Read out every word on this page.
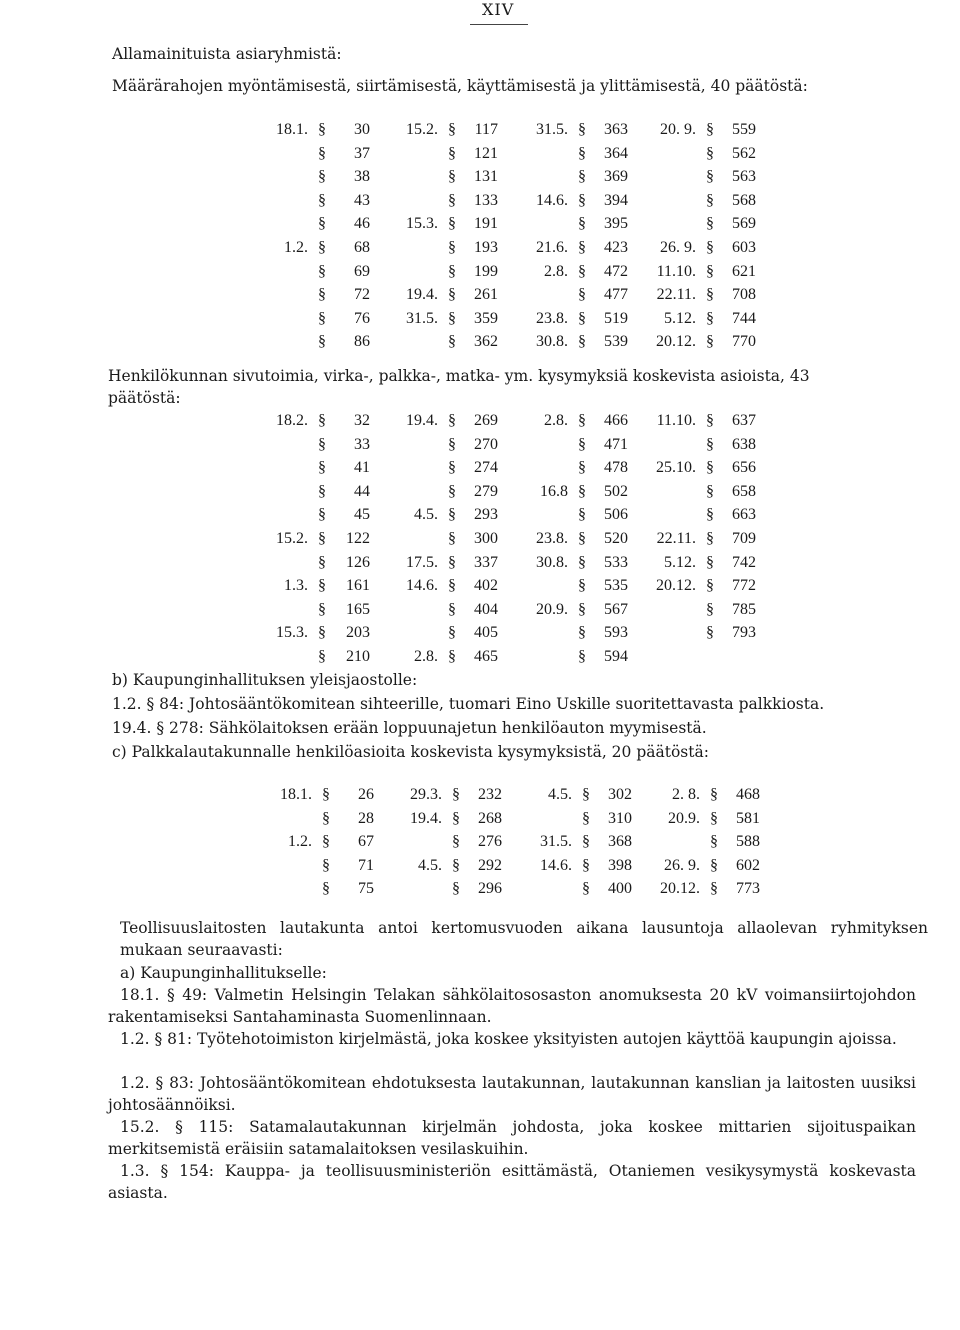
XIV
Allamainituista asiaryhmistä:
Määrärahojen myöntämisestä, siirtämisestä, käyttämisestä ja ylittämisestä, 40 päätöstä:
18.1.	§	30	15.2.	§	117	31.5.	§	363	20. 9.	§	559
	§	37		§	121		§	364		§	562
	§	38		§	131		§	369		§	563
	§	43		§	133	14.6.	§	394		§	568
	§	46	15.3.	§	191		§	395		§	569
1.2.	§	68		§	193	21.6.	§	423	26. 9.	§	603
	§	69		§	199	2.8.	§	472	11.10.	§	621
	§	72	19.4.	§	261		§	477	22.11.	§	708
	§	76	31.5.	§	359	23.8.	§	519	5.12.	§	744
	§	86		§	362	30.8.	§	539	20.12.	§	770
Henkilökunnan sivutoimia, virka-, palkka-, matka- ym. kysymyksiä koskevista asioista, 43
päätöstä:
18.2.	§	32	19.4.	§	269	2.8.	§	466	11.10.	§	637
	§	33		§	270		§	471		§	638
	§	41		§	274		§	478	25.10.	§	656
	§	44		§	279	16.8	§	502		§	658
	§	45	4.5.	§	293		§	506		§	663
15.2.	§	122		§	300	23.8.	§	520	22.11.	§	709
	§	126	17.5.	§	337	30.8.	§	533	5.12.	§	742
1.3.	§	161	14.6.	§	402		§	535	20.12.	§	772
	§	165		§	404	20.9.	§	567		§	785
15.3.	§	203		§	405		§	593		§	793
	§	210	2.8.	§	465		§	594			
b) Kaupunginhallituksen yleisjaostolle:
1.2. § 84: Johtosääntökomitean sihteerille, tuomari Eino Uskille suoritettavasta palkkiosta.
19.4. § 278: Sähkölaitoksen erään loppuunajetun henkilöauton myymisestä.
c) Palkkalautakunnalle henkilöasioita koskevista kysymyksistä, 20 päätöstä:
18.1.	§	26	29.3.	§	232	4.5.	§	302	2. 8.	§	468
	§	28	19.4.	§	268		§	310	20.9.	§	581
1.2.	§	67		§	276	31.5.	§	368		§	588
	§	71	4.5.	§	292	14.6.	§	398	26. 9.	§	602
	§	75		§	296		§	400	20.12.	§	773
Teollisuuslaitosten lautakunta antoi kertomusvuoden aikana lausuntoja allaolevan ryhmityksen mukaan seuraavasti:
a) Kaupunginhallitukselle:
18.1. § 49: Valmetin Helsingin Telakan sähkölaitososaston anomuksesta 20 kV voimansiirtojohdon rakentamiseksi Santahaminasta Suomenlinnaan.
1.2. § 81: Työtehotoimiston kirjelmästä, joka koskee yksityisten autojen käyttöä kaupungin ajoissa.
1.2. § 83: Johtosääntökomitean ehdotuksesta lautakunnan, lautakunnan kanslian ja laitosten uusiksi johtosäännöiksi.
15.2. § 115: Satamalautakunnan kirjelmän johdosta, joka koskee mittarien sijoituspaikan merkitsemistä eräisiin satamalaitoksen vesilaskuihin.
1.3. § 154: Kauppa- ja teollisuusministeriön esittämästä, Otaniemen vesikysymystä koskevasta asiasta.
